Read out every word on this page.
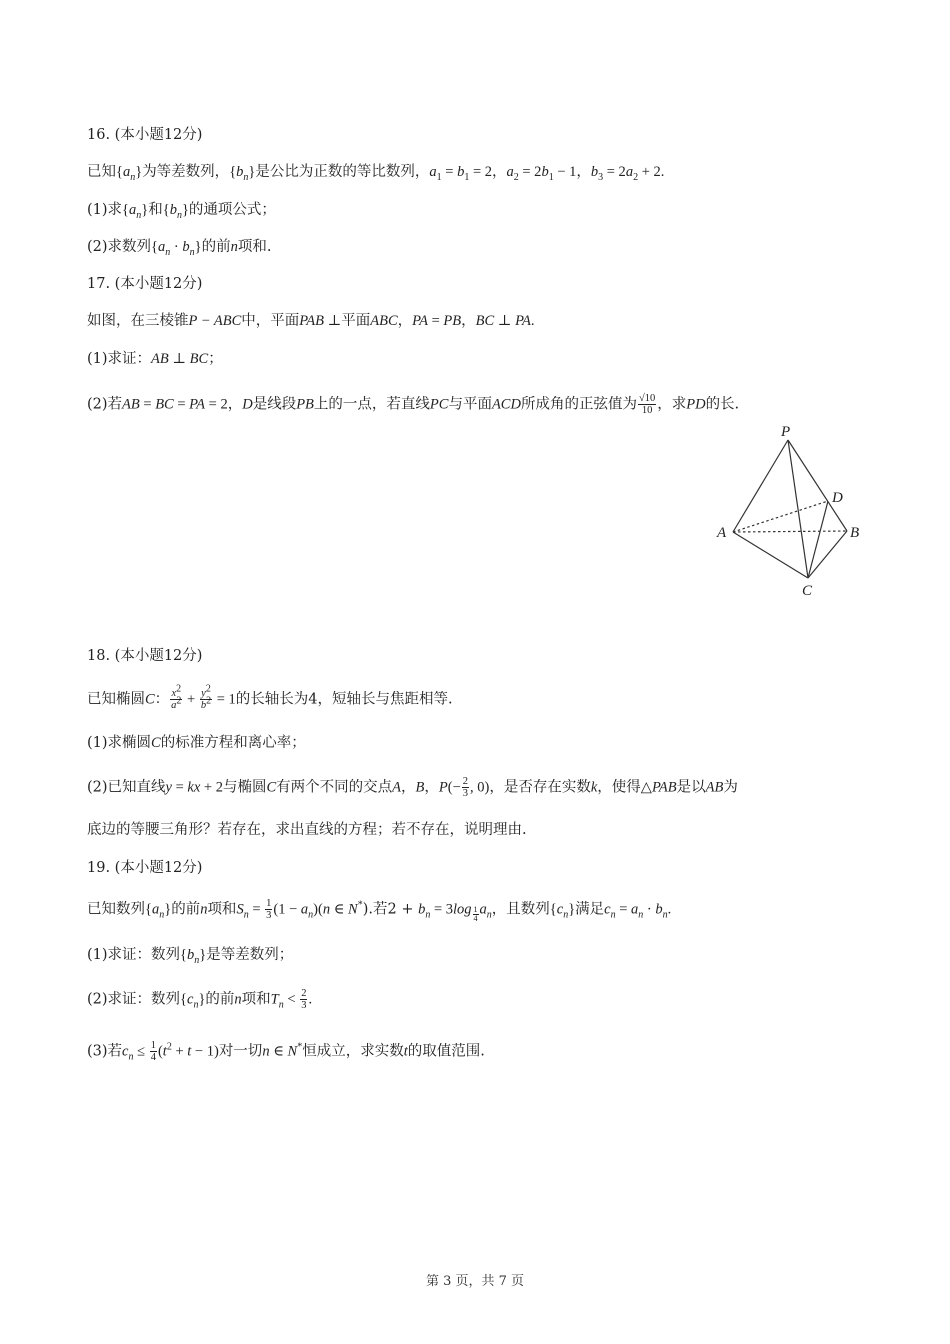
16. (本小题12分)
已知$\{a_n\}$为等差数列，$\{b_n\}$是公比为正数的等比数列，$a_1 = b_1 = 2$，$a_2 = 2b_1 - 1$，$b_3 = 2a_2 + 2$.
(1)求$\{a_n\}$和$\{b_n\}$的通项公式；
(2)求数列$\{a_n \cdot b_n\}$的前n项和.
17. (本小题12分)
如图，在三棱锥P − ABC中，平面PAB ⊥平面ABC，PA = PB，BC ⊥ PA.
(1)求证：AB ⊥ BC；
(2)若AB = BC = PA = 2，D是线段PB上的一点，若直线PC与平面ACD所成角的正弦值为 $\frac{√10}{10}$ ，求PD的长.
P
A	B
C
D
18. (本小题12分)
已知椭圆C： $\frac{x^2}{a^2} + \frac{y^2}{b^2} = 1$的长轴长为4，短轴长与焦距相等.
(1)求椭圆C的标准方程和离心率；
(2)已知直线y = kx + 2与椭圆C有两个不同的交点A，B，$P(- \frac{2}{3}$ , 0)，是否存在实数k，使得△PAB是以AB为
底边的等腰三角形？若存在，求出直线的方程；若不存在，说明理由.
19. (本小题12分)
已知数列$\{a_n\}$的前n项和$S_n = \frac{1}{3} (1 - a_n)(n$ ∈ N*).若$2 + b_n = 3\log$ $_{\frac{1}{4}}$ $a_n$，且数列$\{c_n\}$满足$c_n = a_n \cdot b_n$.
(1)求证：数列$\{b_n\}$是等差数列；
(2)求证：数列$\{c_n\}$的前n项和$T_n < \frac{2}{3}$ .
(3)若$c_n \le \frac{1}{4} (t^2 + t - 1)$对一切n ∈ N*恒成立，求实数t的取值范围.
第 3 页，共 7 页
